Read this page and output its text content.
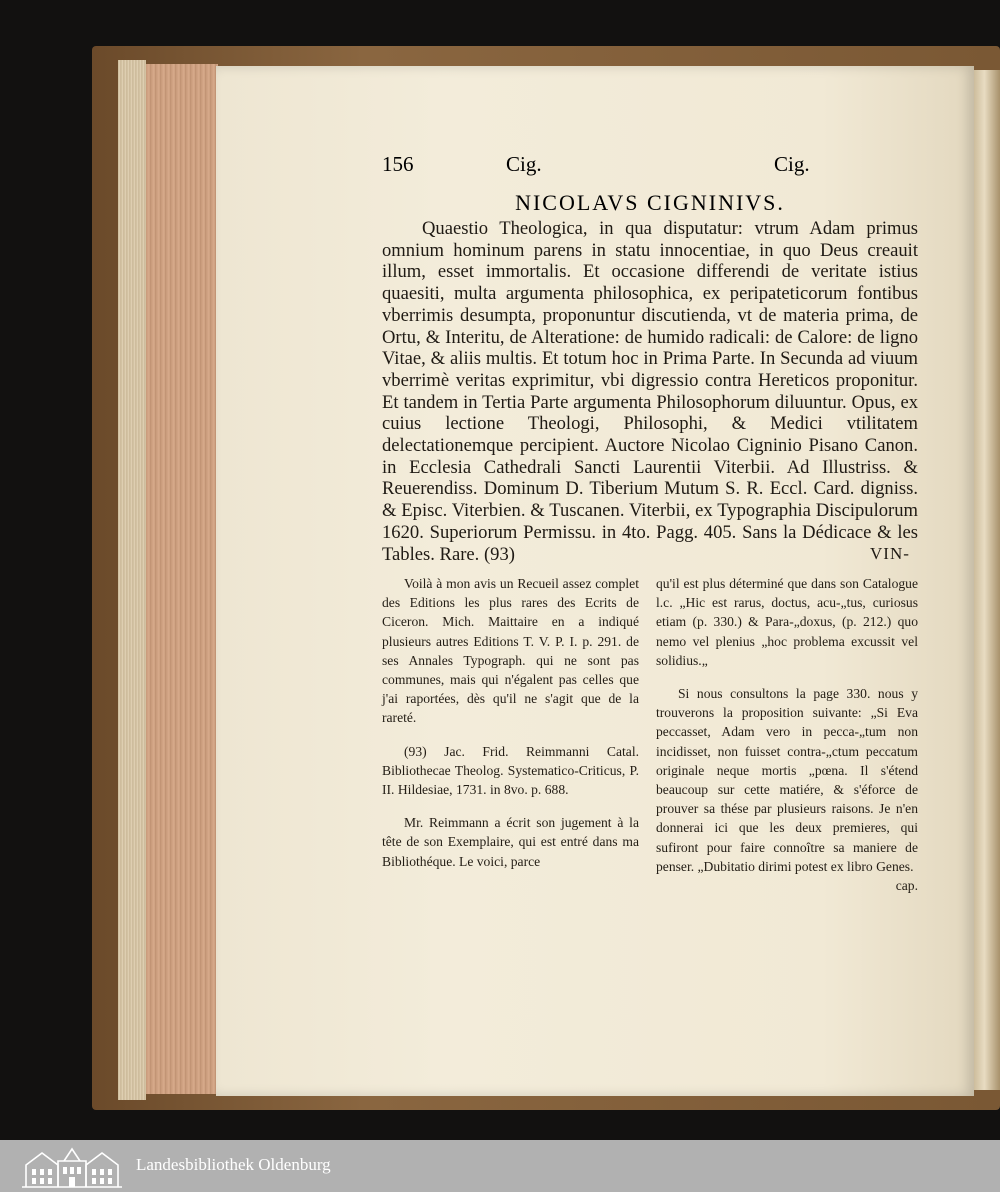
156	Cig.	Cig.
NICOLAVS CIGNINIVS.
Quaestio Theologica, in qua disputatur: vtrum Adam primus omnium hominum parens in statu innocentiae, in quo Deus creauit illum, esset immortalis. Et occasione differendi de veritate istius quaesiti, multa argumenta philosophica, ex peripateticorum fontibus vberrimis desumpta, proponuntur discutienda, vt de materia prima, de Ortu, & Interitu, de Alteratione: de humido radicali: de Calore: de ligno Vitae, & aliis multis. Et totum hoc in Prima Parte. In Secunda ad viuum vberrimè veritas exprimitur, vbi digressio contra Hereticos proponitur. Et tandem in Tertia Parte argumenta Philosophorum diluuntur. Opus, ex cuius lectione Theologi, Philosophi, & Medici vtilitatem delectationemque percipient. Auctore Nicolao Cigninio Pisano Canon. in Ecclesia Cathedrali Sancti Laurentii Viterbii. Ad Illustriss. & Reuerendiss. Dominum D. Tiberium Mutum S. R. Eccl. Card. digniss. & Episc. Viterbien. & Tuscanen. Viterbii, ex Typographia Discipulorum 1620. Superiorum Permissu. in 4to. Pagg. 405. Sans la Dédicace & les Tables. Rare. (93)	VIN-

Voilà à mon avis un Recueil assez complet des Editions les plus rares des Ecrits de Ciceron. Mich. Maittaire en a indiqué plusieurs autres Editions T. V. P. I. p. 291. de ses Annales Typograph. qui ne sont pas communes, mais qui n'égalent pas celles que j'ai raportées, dès qu'il ne s'agit que de la rareté.

(93) Jac. Frid. Reimmanni Catal. Bibliothecae Theolog. Systematico-Criticus, P. II. Hildesiae, 1731. in 8vo. p. 688.

Mr. Reimmann a écrit son jugement à la tête de son Exemplaire, qui est entré dans ma Bibliothéque. Le voici, parce

qu'il est plus déterminé que dans son Catalogue l.c. „Hic est rarus, doctus, acu-„tus, curiosus etiam (p. 330.) & Para-„doxus, (p. 212.) quo nemo vel plenius „hoc problema excussit vel solidius.„

Si nous consultons la page 330. nous y trouverons la proposition suivante: „Si Eva peccasset, Adam vero in pecca-„tum non incidisset, non fuisset contra-„ctum peccatum originale neque mortis „pœna. Il s'étend beaucoup sur cette matiére, & s'éforce de prouver sa thése par plusieurs raisons. Je n'en donnerai ici que les deux premieres, qui sufiront pour faire connoître sa maniere de penser. „Dubitatio dirimi potest ex libro Genes.

cap.

Landesbibliothek Oldenburg
